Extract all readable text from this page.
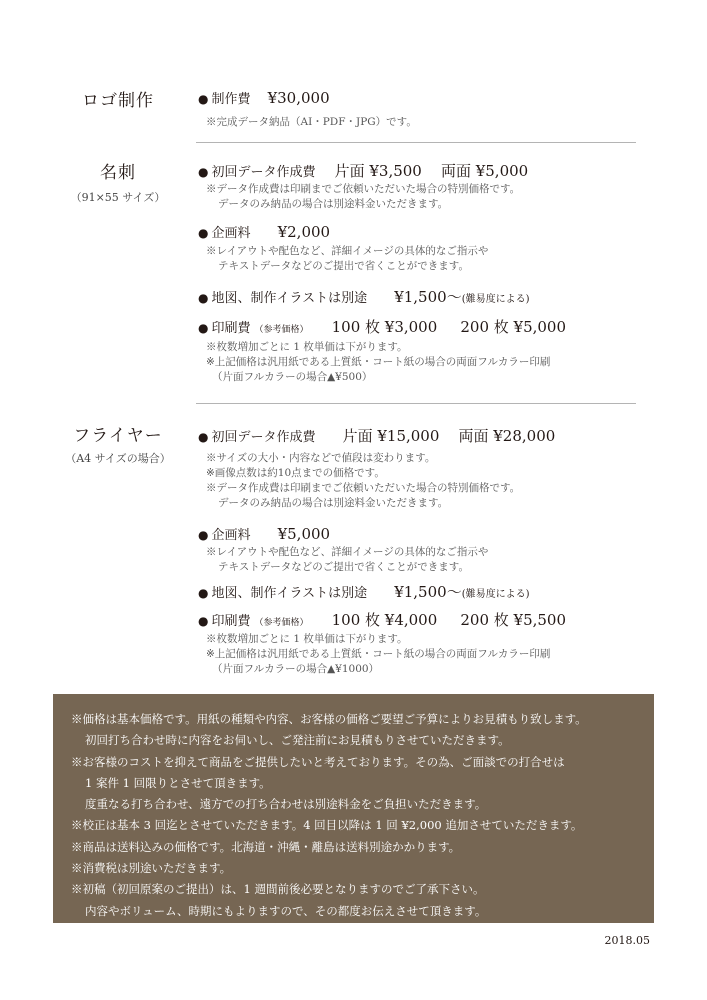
ロゴ制作	● 制作費 ¥30,000
※完成データ納品（AI・PDF・JPG）です。
名刺
（91×55 サイズ）
● 初回データ作成費 片面 ¥3,500 両面 ¥5,000
※データ作成費は印刷までご依頼いただいた場合の特別価格です。

データのみ納品の場合は別途料金いただきます。
● 企画料 ¥2,000
※レイアウトや配色など、詳細イメージの具体的なご指示や

テキストデータなどのご提出で省くことができます。
● 地図、制作イラストは別途 ¥1,500〜(難易度による)
● 印刷費 （参考価格） 100 枚 ¥3,000 200 枚 ¥5,000
※枚数増加ごとに 1 枚単価は下がります。
※上記価格は汎用紙である上質紙・コート紙の場合の両面フルカラー印刷
（片面フルカラーの場合▲¥500）
フライヤー
（A4 サイズの場合）
● 初回データ作成費 片面 ¥15,000 両面 ¥28,000
※サイズの大小・内容などで値段は変わります。
※画像点数は約10点までの価格です。
※データ作成費は印刷までご依頼いただいた場合の特別価格です。

データのみ納品の場合は別途料金いただきます。
● 企画料 ¥5,000
※レイアウトや配色など、詳細イメージの具体的なご指示や

テキストデータなどのご提出で省くことができます。
● 地図、制作イラストは別途 ¥1,500〜(難易度による)
● 印刷費 （参考価格） 100 枚 ¥4,000 200 枚 ¥5,500
※枚数増加ごとに 1 枚単価は下がります。
※上記価格は汎用紙である上質紙・コート紙の場合の両面フルカラー印刷
（片面フルカラーの場合▲¥1000）
※価格は基本価格です。用紙の種類や内容、お客様の価格ご要望ご予算によりお見積もり致します。
初回打ち合わせ時に内容をお伺いし、ご発注前にお見積もりさせていただきます。
※お客様のコストを抑えて商品をご提供したいと考えております。その為、ご面談での打合せは
1 案件 1 回限りとさせて頂きます。
度重なる打ち合わせ、遠方での打ち合わせは別途料金をご負担いただきます。
※校正は基本 3 回迄とさせていただきます。4 回目以降は 1 回 ¥2,000 追加させていただきます。
※商品は送料込みの価格です。北海道・沖縄・離島は送料別途かかります。
※消費税は別途いただきます。
※初稿（初回原案のご提出）は、1 週間前後必要となりますのでご了承下さい。
内容やボリューム、時期にもよりますので、その都度お伝えさせて頂きます。
2018.05
